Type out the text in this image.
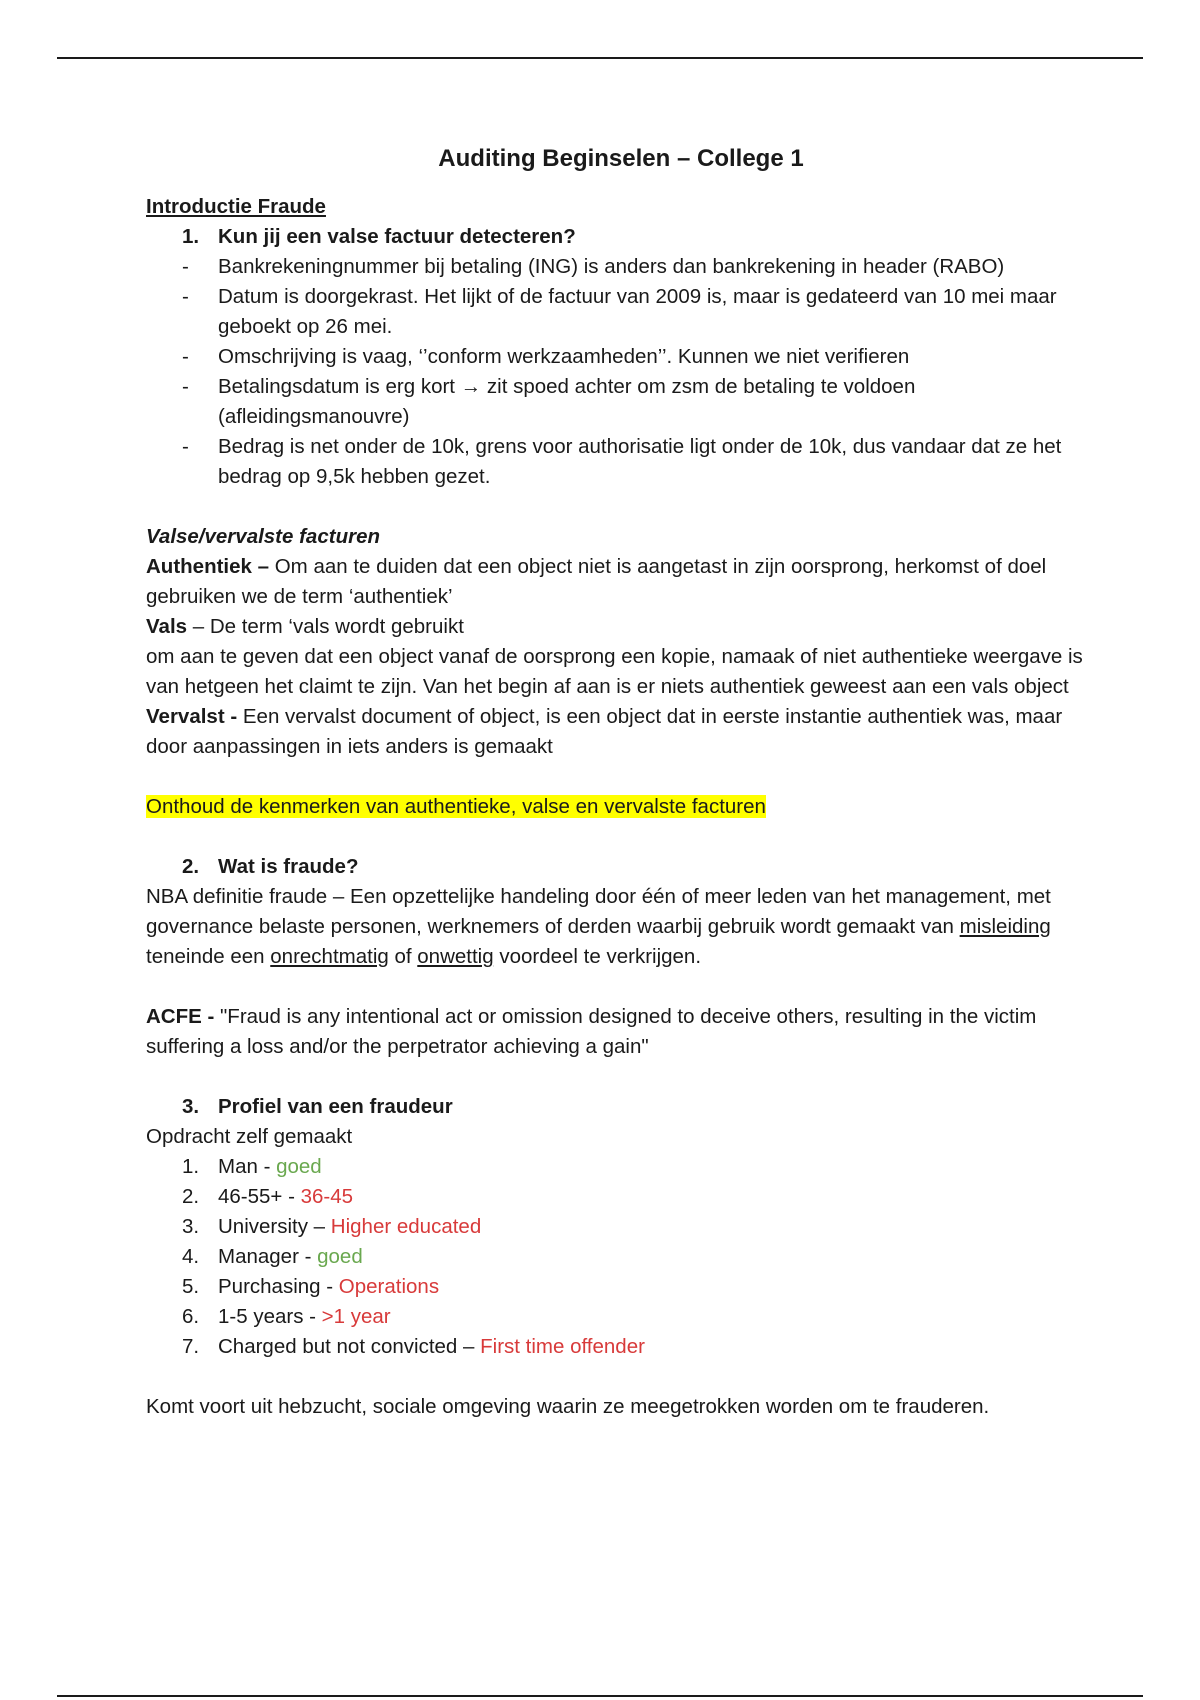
Auditing Beginselen – College 1

Introductie Fraude

1. Kun jij een valse factuur detecteren?
- Bankrekeningnummer bij betaling (ING) is anders dan bankrekening in header (RABO)
- Datum is doorgekrast. Het lijkt of de factuur van 2009 is, maar is gedateerd van 10 mei maar geboekt op 26 mei.
- Omschrijving is vaag, ‘’conform werkzaamheden’’. Kunnen we niet verifieren
- Betalingsdatum is erg kort → zit spoed achter om zsm de betaling te voldoen (afleidingsmanouvre)
- Bedrag is net onder de 10k, grens voor authorisatie ligt onder de 10k, dus vandaar dat ze het bedrag op 9,5k hebben gezet.

Valse/vervalste facturen

Authentiek – Om aan te duiden dat een object niet is aangetast in zijn oorsprong, herkomst of doel gebruiken we de term ‘authentiek’

Vals – De term ‘vals wordt gebruikt

om aan te geven dat een object vanaf de oorsprong een kopie, namaak of niet authentieke weergave is van hetgeen het claimt te zijn. Van het begin af aan is er niets authentiek geweest aan een vals object

Vervalst - Een vervalst document of object, is een object dat in eerste instantie authentiek was, maar door aanpassingen in iets anders is gemaakt

Onthoud de kenmerken van authentieke, valse en vervalste facturen

2. Wat is fraude?

NBA definitie fraude – Een opzettelijke handeling door één of meer leden van het management, met governance belaste personen, werknemers of derden waarbij gebruik wordt gemaakt van misleiding teneinde een onrechtmatig of onwettig voordeel te verkrijgen.

ACFE - "Fraud is any intentional act or omission designed to deceive others, resulting in the victim suffering a loss and/or the perpetrator achieving a gain"

3. Profiel van een fraudeur

Opdracht zelf gemaakt

1. Man - goed
2. 46-55+ - 36-45
3. University – Higher educated
4. Manager - goed
5. Purchasing - Operations
6. 1-5 years - >1 year
7. Charged but not convicted – First time offender

Komt voort uit hebzucht, sociale omgeving waarin ze meegetrokken worden om te frauderen.
